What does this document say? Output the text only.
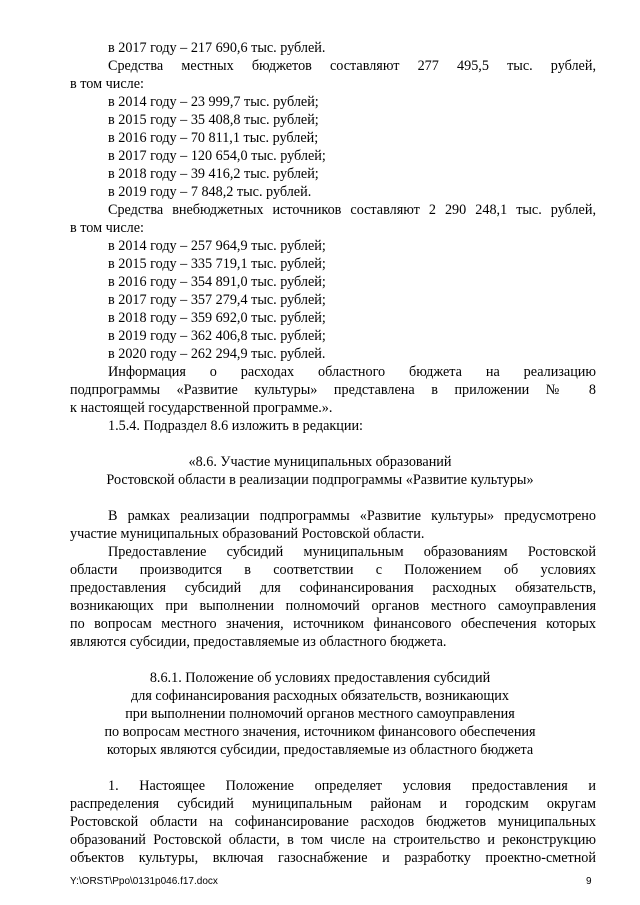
в 2017 году – 217 690,6 тыс. рублей.
Средства местных бюджетов составляют 277 495,5 тыс. рублей,
в том числе:
в 2014 году – 23 999,7 тыс. рублей;
в 2015 году – 35 408,8 тыс. рублей;
в 2016 году – 70 811,1 тыс. рублей;
в 2017 году – 120 654,0 тыс. рублей;
в 2018 году – 39 416,2 тыс. рублей;
в 2019 году – 7 848,2 тыс. рублей.
Средства внебюджетных источников составляют 2 290 248,1 тыс. рублей,
в том числе:
в 2014 году – 257 964,9 тыс. рублей;
в 2015 году – 335 719,1 тыс. рублей;
в 2016 году – 354 891,0 тыс. рублей;
в 2017 году – 357 279,4 тыс. рублей;
в 2018 году – 359 692,0 тыс. рублей;
в 2019 году – 362 406,8 тыс. рублей;
в 2020 году – 262 294,9 тыс. рублей.
Информация о расходах областного бюджета на реализацию
подпрограммы «Развитие культуры» представлена в приложении № 8
к настоящей государственной программе.».
1.5.4. Подраздел 8.6 изложить в редакции:
«8.6. Участие муниципальных образований
Ростовской области в реализации подпрограммы «Развитие культуры»
В рамках реализации подпрограммы «Развитие культуры» предусмотрено
участие муниципальных образований Ростовской области.
Предоставление субсидий муниципальным образованиям Ростовской
области производится в соответствии с Положением об условиях
предоставления субсидий для софинансирования расходных обязательств,
возникающих при выполнении полномочий органов местного самоуправления
по вопросам местного значения, источником финансового обеспечения которых
являются субсидии, предоставляемые из областного бюджета.
8.6.1. Положение об условиях предоставления субсидий
для софинансирования расходных обязательств, возникающих
при выполнении полномочий органов местного самоуправления
по вопросам местного значения, источником финансового обеспечения
которых являются субсидии, предоставляемые из областного бюджета
1. Настоящее Положение определяет условия предоставления и
распределения субсидий муниципальным районам и городским округам
Ростовской области на софинансирование расходов бюджетов муниципальных
образований Ростовской области, в том числе на строительство и реконструкцию
объектов культуры, включая газоснабжение и разработку проектно-сметной
Y:\ORST\Ppo\0131p046.f17.docx	9
